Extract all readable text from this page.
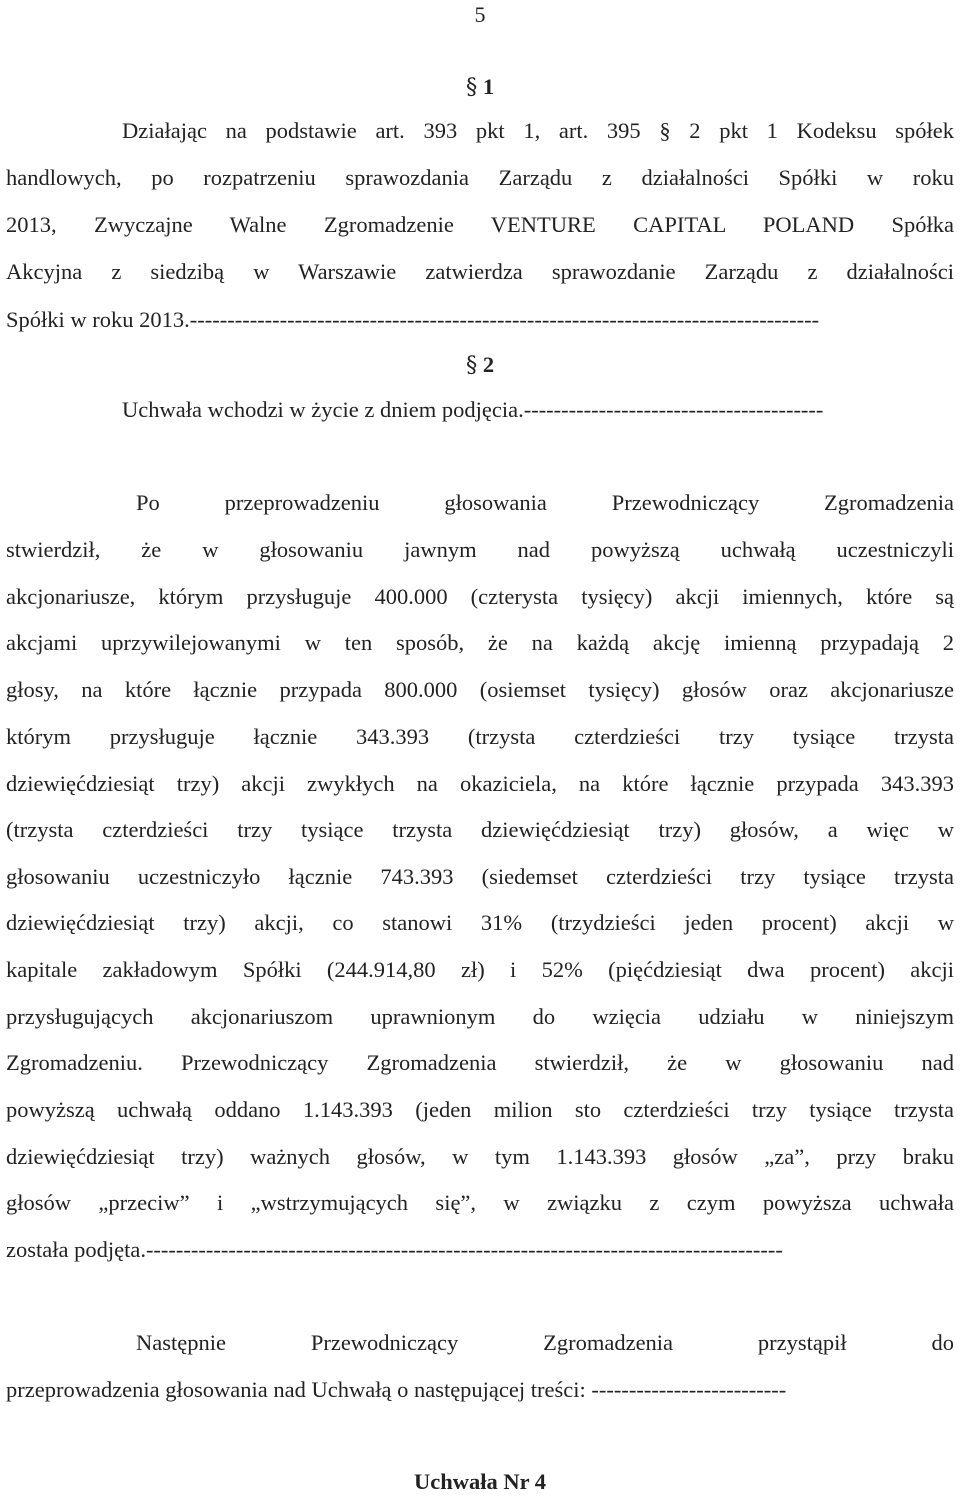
5
§ 1
Działając na podstawie art. 393 pkt 1, art. 395 § 2 pkt 1 Kodeksu spółek
handlowych, po rozpatrzeniu sprawozdania Zarządu z działalności Spółki w roku
2013, Zwyczajne Walne Zgromadzenie VENTURE CAPITAL POLAND Spółka
Akcyjna z siedzibą w Warszawie zatwierdza sprawozdanie Zarządu z działalności
Spółki w roku 2013.------------------------------------------------------------------------------------
§ 2
Uchwała wchodzi w życie z dniem podjęcia.----------------------------------------
Po przeprowadzeniu głosowania Przewodniczący Zgromadzenia
stwierdził, że w głosowaniu jawnym nad powyższą uchwałą uczestniczyli
akcjonariusze, którym przysługuje 400.000 (czterysta tysięcy) akcji imiennych, które są
akcjami uprzywilejowanymi w ten sposób, że na każdą akcję imienną przypadają 2
głosy, na które łącznie przypada 800.000 (osiemset tysięcy) głosów oraz akcjonariusze
którym przysługuje łącznie 343.393 (trzysta czterdzieści trzy tysiące trzysta
dziewięćdziesiąt trzy) akcji zwykłych na okaziciela, na które łącznie przypada 343.393
(trzysta czterdzieści trzy tysiące trzysta dziewięćdziesiąt trzy) głosów, a więc w
głosowaniu uczestniczyło łącznie 743.393 (siedemset czterdzieści trzy tysiące trzysta
dziewięćdziesiąt trzy) akcji, co stanowi 31% (trzydzieści jeden procent) akcji w
kapitale zakładowym Spółki (244.914,80 zł) i 52% (pięćdziesiąt dwa procent) akcji
przysługujących akcjonariuszom uprawnionym do wzięcia udziału w niniejszym
Zgromadzeniu. Przewodniczący Zgromadzenia stwierdził, że w głosowaniu nad
powyższą uchwałą oddano 1.143.393 (jeden milion sto czterdzieści trzy tysiące trzysta
dziewięćdziesiąt trzy) ważnych głosów, w tym 1.143.393 głosów „za”, przy braku
głosów „przeciw” i „wstrzymujących się”, w związku z czym powyższa uchwała
została podjęta.-------------------------------------------------------------------------------------
Następnie Przewodniczący Zgromadzenia przystąpił do
przeprowadzenia głosowania nad Uchwałą o następującej treści: --------------------------
Uchwała Nr 4
